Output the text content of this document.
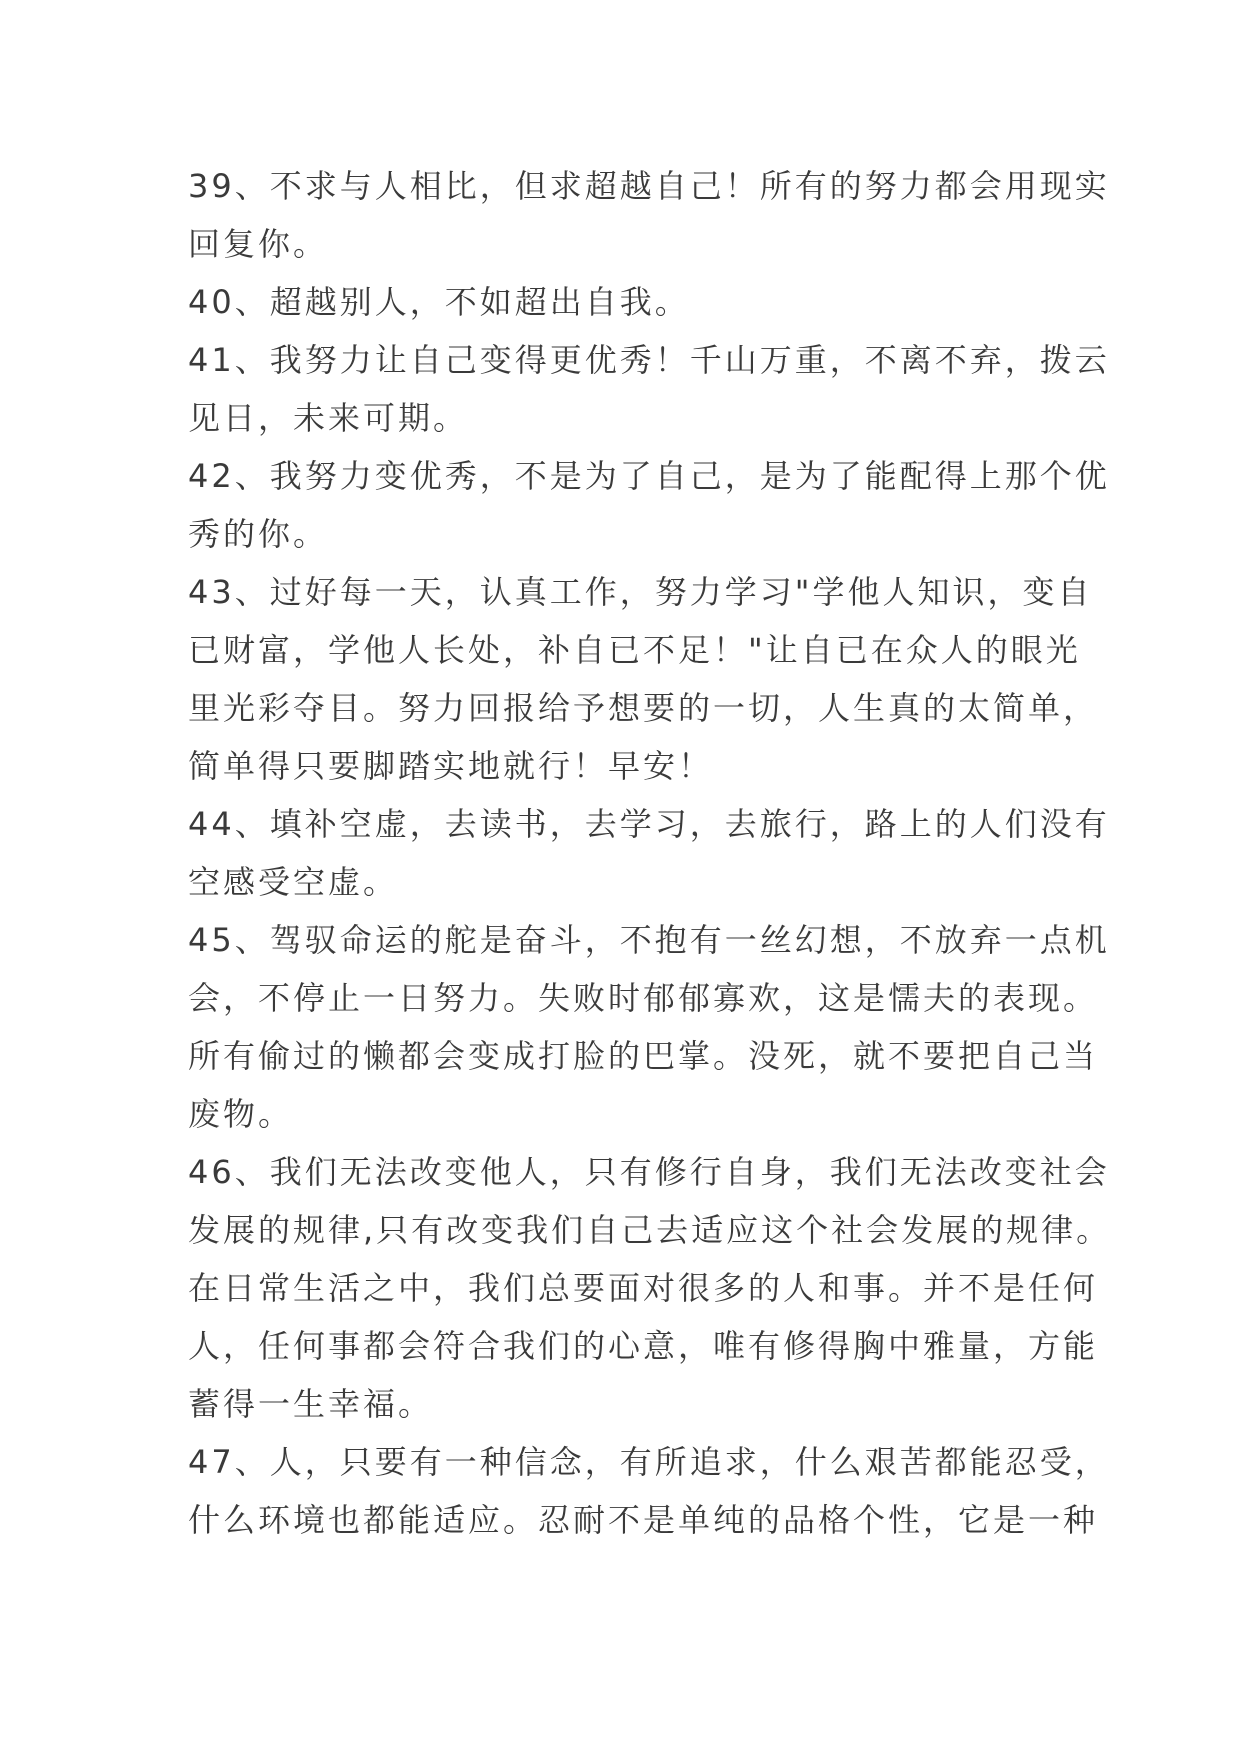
39、不求与人相比，但求超越自己！所有的努力都会用现实
回复你。
40、超越别人，不如超出自我。
41、我努力让自己变得更优秀！千山万重，不离不弃，拨云
见日，未来可期。
42、我努力变优秀，不是为了自己，是为了能配得上那个优
秀的你。
43、过好每一天，认真工作，努力学习"学他人知识，变自
已财富，学他人长处，补自已不足！"让自已在众人的眼光
里光彩夺目。努力回报给予想要的一切，人生真的太简单，
简单得只要脚踏实地就行！早安！
44、填补空虚，去读书，去学习，去旅行，路上的人们没有
空感受空虚。
45、驾驭命运的舵是奋斗，不抱有一丝幻想，不放弃一点机
会，不停止一日努力。失败时郁郁寡欢，这是懦夫的表现。
所有偷过的懒都会变成打脸的巴掌。没死，就不要把自己当
废物。
46、我们无法改变他人，只有修行自身，我们无法改变社会
发展的规律,只有改变我们自己去适应这个社会发展的规律。
在日常生活之中，我们总要面对很多的人和事。并不是任何
人，任何事都会符合我们的心意，唯有修得胸中雅量，方能
蓄得一生幸福。
47、人，只要有一种信念，有所追求，什么艰苦都能忍受，
什么环境也都能适应。忍耐不是单纯的品格个性，它是一种
